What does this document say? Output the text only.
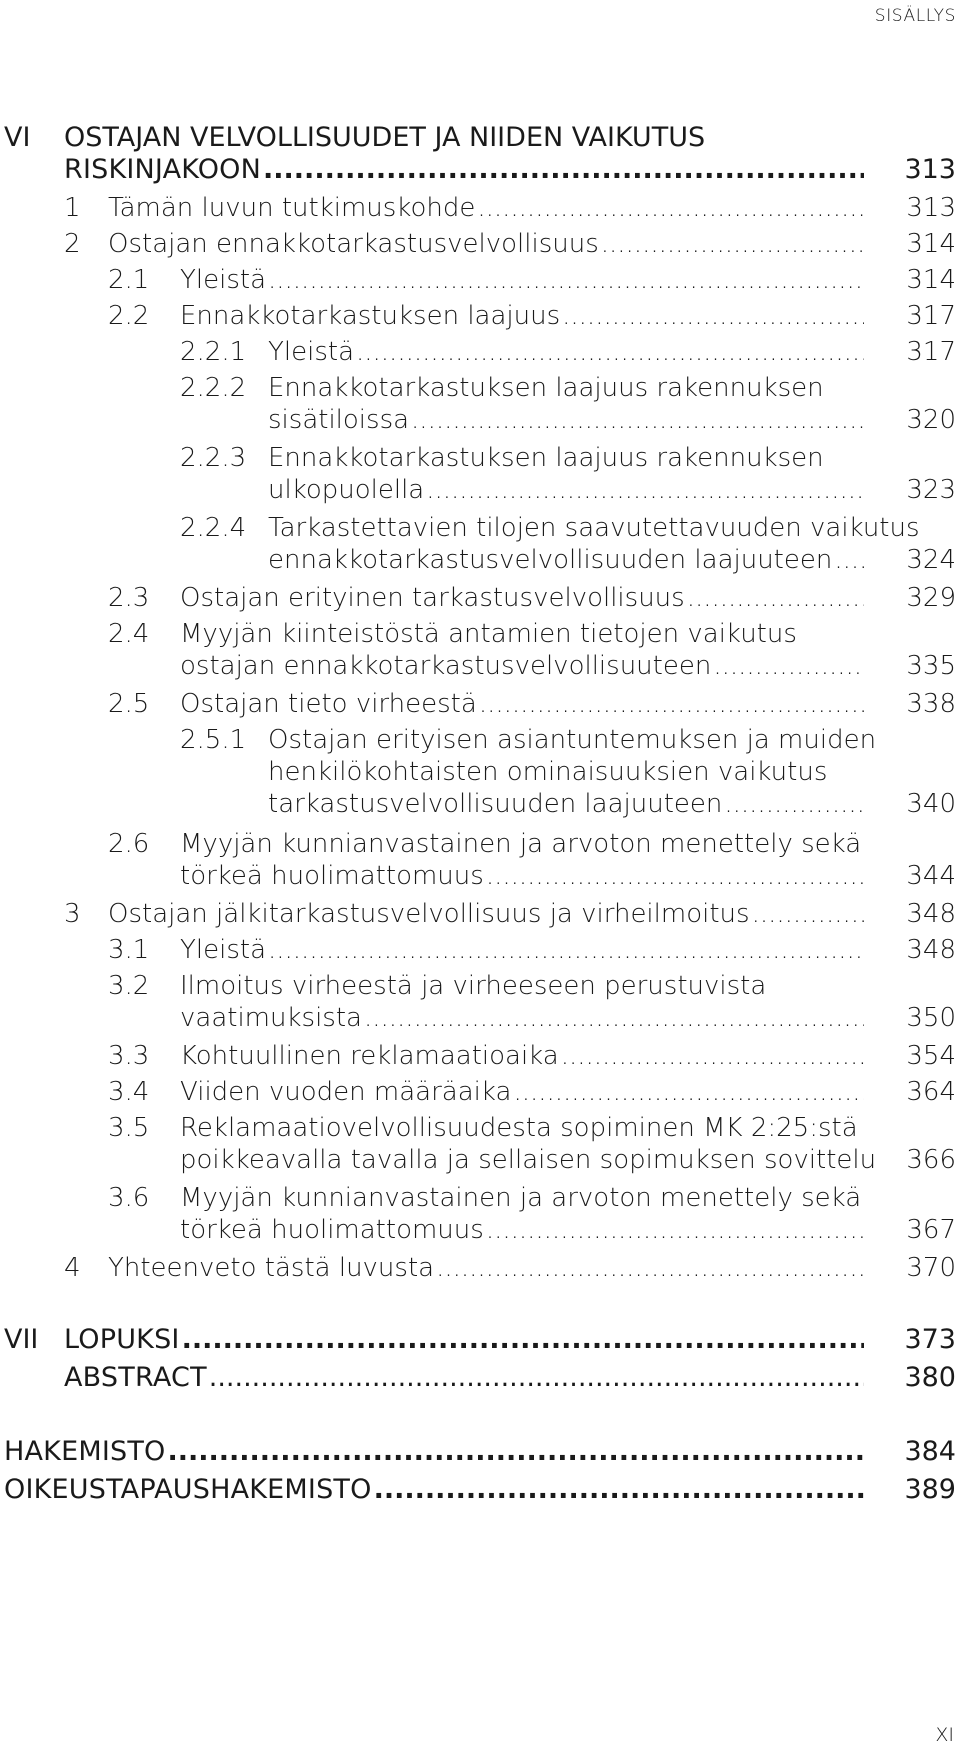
SISÄLLYS
VI OSTAJAN VELVOLLISUUDET JA NIIDEN VAIKUTUS
RISKINJAKOON .....	313
1 Tämän luvun tutkimuskohde .....	313
2 Ostajan ennakkotarkastusvelvollisuus .....	314
2.1 Yleistä .....	314
2.2 Ennakkotarkastuksen laajuus .....	317
2.2.1 Yleistä .....	317
2.2.2 Ennakkotarkastuksen laajuus rakennuksen
sisätiloissa .....	320
2.2.3 Ennakkotarkastuksen laajuus rakennuksen
ulkopuolella .....	323
2.2.4 Tarkastettavien tilojen saavutettavuuden vaikutus
ennakkotarkastusvelvollisuuden laajuuteen .....	324
2.3 Ostajan erityinen tarkastusvelvollisuus .....	329
2.4 Myyjän kiinteistöstä antamien tietojen vaikutus
ostajan ennakkotarkastusvelvollisuuteen .....	335
2.5 Ostajan tieto virheestä .....	338
2.5.1 Ostajan erityisen asiantuntemuksen ja muiden
henkilökohtaisten ominaisuuksien vaikutus
tarkastusvelvollisuuden laajuuteen .....	340
2.6 Myyjän kunnianvastainen ja arvoton menettely sekä
törkeä huolimattomuus .....	344
3 Ostajan jälkitarkastusvelvollisuus ja virheilmoitus .....	348
3.1 Yleistä .....	348
3.2 Ilmoitus virheestä ja virheeseen perustuvista
vaatimuksista .....	350
3.3 Kohtuullinen reklamaatioaika .....	354
3.4 Viiden vuoden määräaika .....	364
3.5 Reklamaatiovelvollisuudesta sopiminen MK 2:25:stä
poikkeavalla tavalla ja sellaisen sopimuksen sovittelu .....	366
3.6 Myyjän kunnianvastainen ja arvoton menettely sekä
törkeä huolimattomuus .....	367
4 Yhteenveto tästä luvusta .....	370
VII LOPUKSI .....	373
ABSTRACT .....	380
HAKEMISTO .....	384
OIKEUSTAPAUSHAKEMISTO .....	389
XI
